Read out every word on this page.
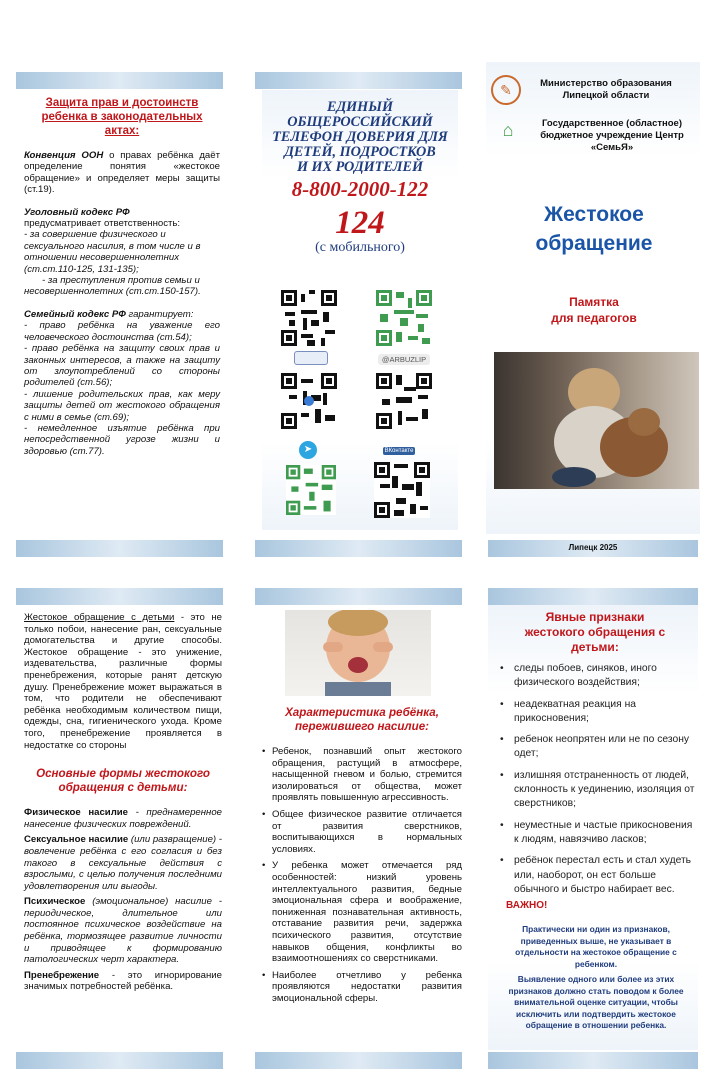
Защита прав и достоинств ребенка в законодательных актах:

Конвенция ООН о правах ребёнка даёт определение понятия «жестокое обращение» и определяет меры защиты (ст.19).

Уголовный кодекс РФ
предусматривает ответственность:
- за совершение физического и сексуального насилия, в том числе и в отношении несовершеннолетних (ст.ст.110-125, 131-135);
- за преступления против семьи и несовершеннолетних (ст.ст.150-157).

Семейный кодекс РФ гарантирует:
- право ребёнка на уважение его человеческого достоинства (ст.54);
- право ребёнка на защиту своих прав и законных интересов, а также на защиту от злоупотреблений со стороны родителей (ст.56);
- лишение родительских прав, как меру защиты детей от жестокого обращения с ними в семье (ст.69);
- немедленное изъятие ребёнка при непосредственной угрозе жизни и здоровью (ст.77).

ЕДИНЫЙ
ОБЩЕРОССИЙСКИЙ
ТЕЛЕФОН ДОВЕРИЯ ДЛЯ
ДЕТЕЙ, ПОДРОСТКОВ
И ИХ РОДИТЕЛЕЙ
8-800-2000-122
124
(с мобильного)
@ARBUZLIP
➤	ВКонтакте
✎	Министерство образования Липецкой области
⌂	Государственное (областное) бюджетное учреждение Центр «СемьЯ»
Жестокое
обращение
Памятка
для педагогов
Липецк 2025
Жестокое обращение с детьми - это не только побои, нанесение ран, сексуальные домогательства и другие способы. Жестокое обращение - это унижение, издевательства, различные формы пренебрежения, которые ранят детскую душу. Пренебрежение может выражаться в том, что родители не обеспечивают ребёнка необходимым количеством пищи, одежды, сна, гигиенического ухода. Кроме того, пренебрежение проявляется в недостатке со стороны
Основные формы жестокого обращения с детьми:
Физическое насилие - преднамеренное нанесение физических повреждений.
Сексуальное насилие (или развращение) - вовлечение ребёнка с его согласия и без такого в сексуальные действия с взрослыми, с целью получения последними удовлетворения или выгоды.
Психическое (эмоциональное) насилие - периодическое, длительное или постоянное психическое воздействие на ребёнка, тормозящее развитие личности и приводящее к формированию патологических черт характера.
Пренебрежение - это игнорирование значимых потребностей ребёнка.
Характеристика ребёнка, пережившего насилие:
• Ребенок, познавший опыт жестокого обращения, растущий в атмосфере, насыщенной гневом и болью, стремится изолироваться от общества, может проявлять повышенную агрессивность.
• Общее физическое развитие отличается от развития сверстников, воспитывающихся в нормальных условиях.
• У ребенка может отмечается ряд особенностей: низкий уровень интеллектуального развития, бедные эмоциональная сфера и воображение, пониженная познавательная активность, отставание развития речи, задержка психического развития, отсутствие навыков общения, конфликты во взаимоотношениях со сверстниками.
• Наиболее отчетливо у ребенка проявляются недостатки развития эмоциональной сферы.
Явные признаки жестокого обращения с детьми:
• следы побоев, синяков, иного физического воздействия;
• неадекватная реакция на прикосновения;
• ребенок неопрятен или не по сезону одет;
• излишняя отстраненность от людей, склонность к уединению, изоляция от сверстников;
• неуместные и частые прикосновения к людям, навязчиво ласков;
• ребёнок перестал есть и стал худеть или, наоборот, он ест больше обычного и быстро набирает вес.
ВАЖНО!
Практически ни один из признаков, приведенных выше, не указывает в отдельности на жестокое обращение с ребенком.
Выявление одного или более из этих признаков должно стать поводом к более внимательной оценке ситуации, чтобы исключить или подтвердить жестокое обращение в отношении ребенка.
